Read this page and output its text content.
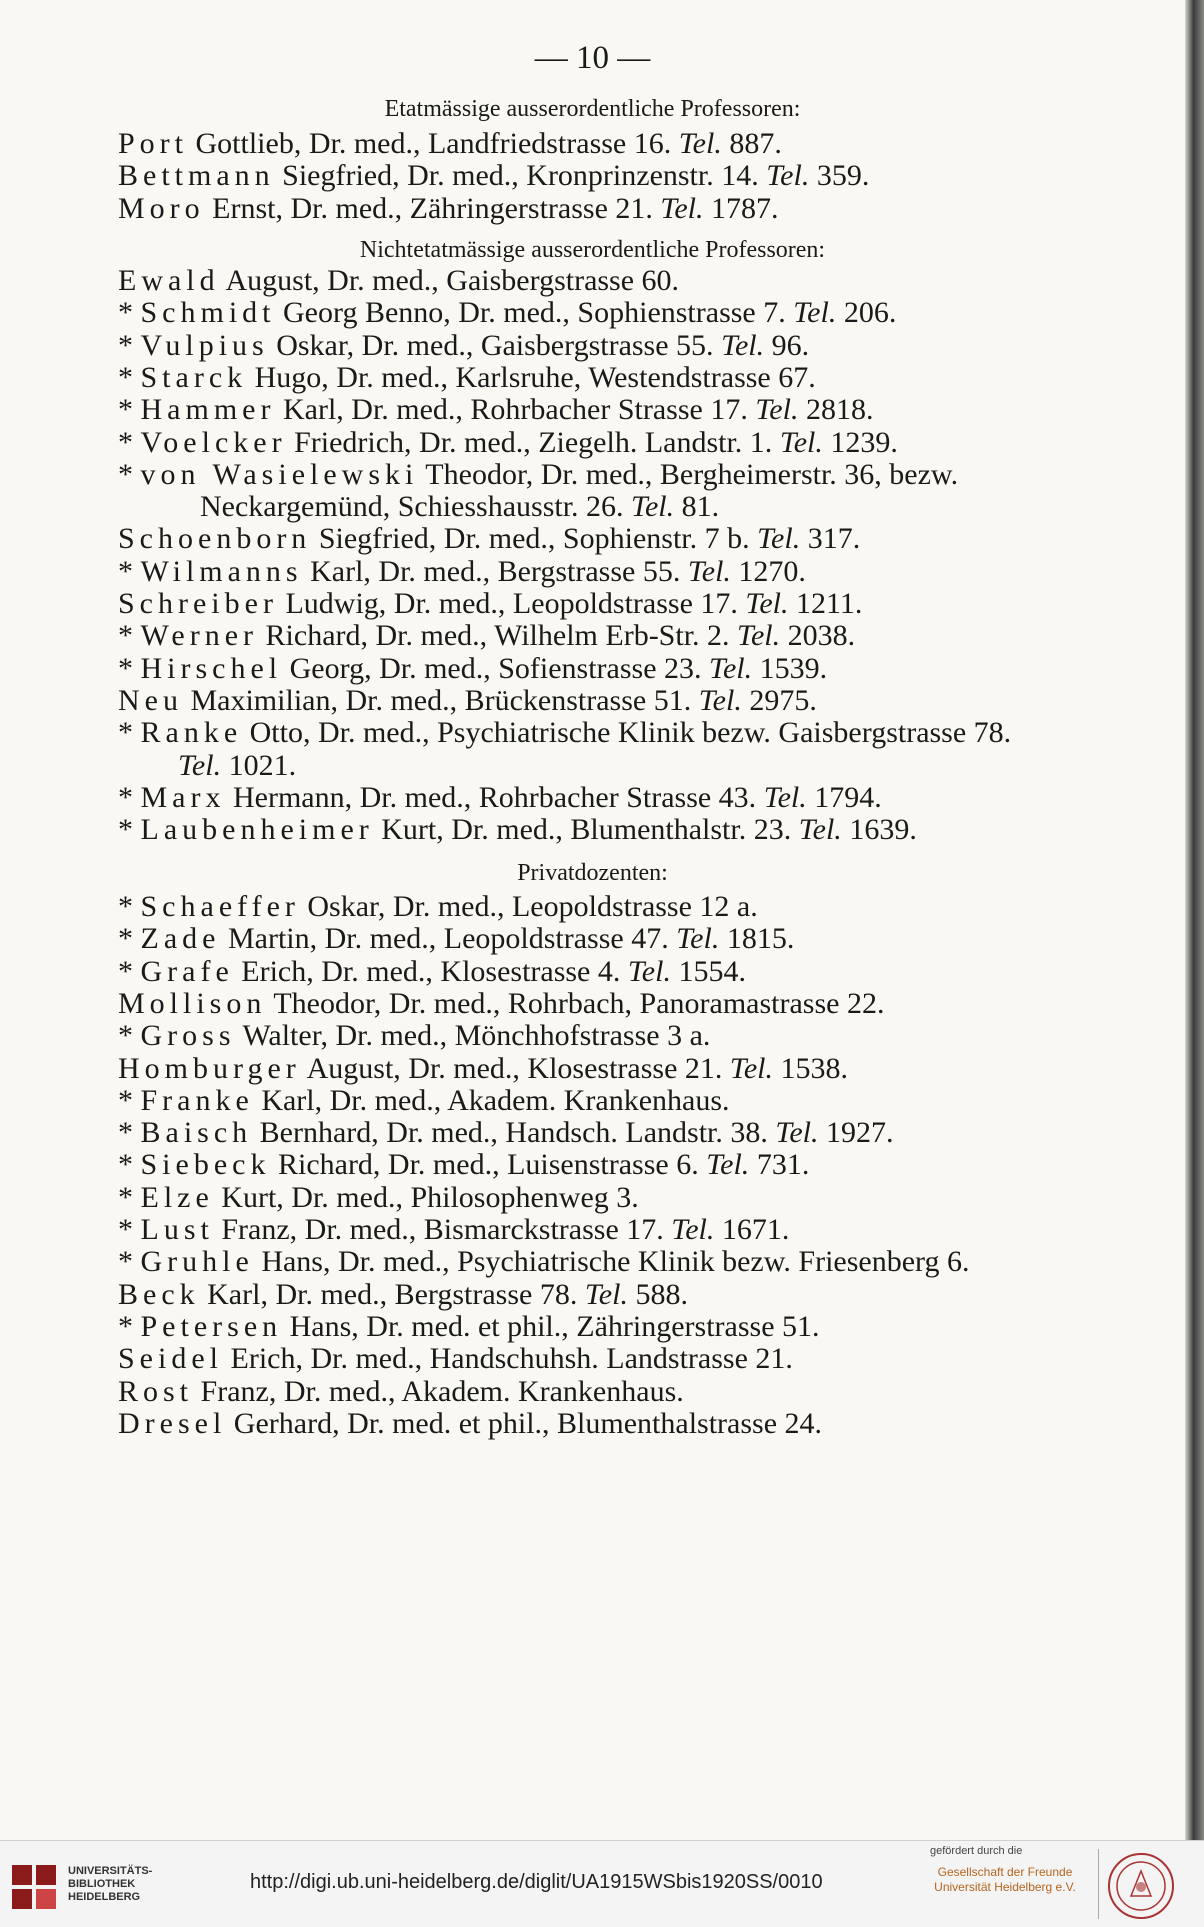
— 10 —
Etatmässige ausserordentliche Professoren:
Port Gottlieb, Dr. med., Landfriedstrasse 16. Tel. 887.
Bettmann Siegfried, Dr. med., Kronprinzenstr. 14. Tel. 359.
Moro Ernst, Dr. med., Zähringerstrasse 21. Tel. 1787.
Nichtetatmässige ausserordentliche Professoren:
Ewald August, Dr. med., Gaisbergstrasse 60.
* Schmidt Georg Benno, Dr. med., Sophienstrasse 7. Tel. 206.
* Vulpius Oskar, Dr. med., Gaisbergstrasse 55. Tel. 96.
* Starck Hugo, Dr. med., Karlsruhe, Westendstrasse 67.
* Hammer Karl, Dr. med., Rohrbacher Strasse 17. Tel. 2818.
* Voelcker Friedrich, Dr. med., Ziegelh. Landstr. 1. Tel. 1239.
* von Wasielewski Theodor, Dr. med., Bergheimerstr. 36, bezw.
Neckargemünd, Schiesshausstr. 26. Tel. 81.
Schoenborn Siegfried, Dr. med., Sophienstr. 7 b. Tel. 317.
* Wilmanns Karl, Dr. med., Bergstrasse 55. Tel. 1270.
Schreiber Ludwig, Dr. med., Leopoldstrasse 17. Tel. 1211.
* Werner Richard, Dr. med., Wilhelm Erb-Str. 2. Tel. 2038.
* Hirschel Georg, Dr. med., Sofienstrasse 23. Tel. 1539.
Neu Maximilian, Dr. med., Brückenstrasse 51. Tel. 2975.
* Ranke Otto, Dr. med., Psychiatrische Klinik bezw. Gaisbergstrasse 78.
Tel. 1021.
* Marx Hermann, Dr. med., Rohrbacher Strasse 43. Tel. 1794.
* Laubenheimer Kurt, Dr. med., Blumenthalstr. 23. Tel. 1639.
Privatdozenten:
* Schaeffer Oskar, Dr. med., Leopoldstrasse 12 a.
* Zade Martin, Dr. med., Leopoldstrasse 47. Tel. 1815.
* Grafe Erich, Dr. med., Klosestrasse 4. Tel. 1554.
Mollison Theodor, Dr. med., Rohrbach, Panoramastrasse 22.
* Gross Walter, Dr. med., Mönchhofstrasse 3 a.
Homburger August, Dr. med., Klosestrasse 21. Tel. 1538.
* Franke Karl, Dr. med., Akadem. Krankenhaus.
* Baisch Bernhard, Dr. med., Handsch. Landstr. 38. Tel. 1927.
* Siebeck Richard, Dr. med., Luisenstrasse 6. Tel. 731.
* Elze Kurt, Dr. med., Philosophenweg 3.
* Lust Franz, Dr. med., Bismarckstrasse 17. Tel. 1671.
* Gruhle Hans, Dr. med., Psychiatrische Klinik bezw. Friesenberg 6.
Beck Karl, Dr. med., Bergstrasse 78. Tel. 588.
* Petersen Hans, Dr. med. et phil., Zähringerstrasse 51.
Seidel Erich, Dr. med., Handschuhsh. Landstrasse 21.
Rost Franz, Dr. med., Akadem. Krankenhaus.
Dresel Gerhard, Dr. med. et phil., Blumenthalstrasse 24.
UNIVERSITÄTS-
BIBLIOTHEK
HEIDELBERG
http://digi.ub.uni-heidelberg.de/diglit/UA1915WSbis1920SS/0010
gefördert durch die
Gesellschaft der Freunde
Universität Heidelberg e.V.
